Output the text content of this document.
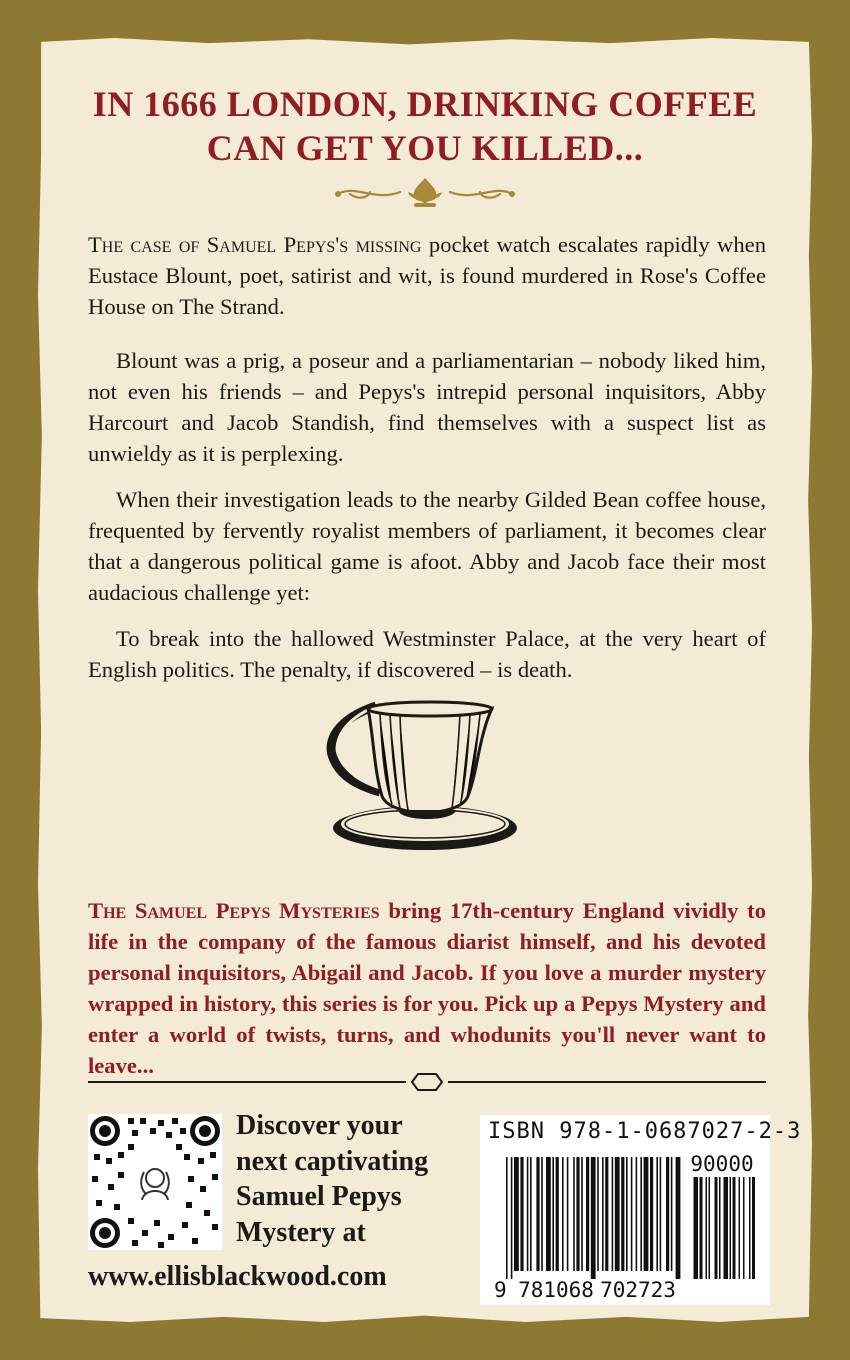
IN 1666 LONDON, DRINKING COFFEE
CAN GET YOU KILLED...

The case of Samuel Pepys's missing pocket watch escalates rapidly when Eustace Blount, poet, satirist and wit, is found murdered in Rose's Coffee House on The Strand.

Blount was a prig, a poseur and a parliamentarian – nobody liked him, not even his friends – and Pepys's intrepid personal inquisitors, Abby Harcourt and Jacob Standish, find themselves with a suspect list as unwieldy as it is perplexing.

When their investigation leads to the nearby Gilded Bean coffee house, frequented by fervently royalist members of parliament, it becomes clear that a dangerous political game is afoot. Abby and Jacob face their most audacious challenge yet:

To break into the hallowed Westminster Palace, at the very heart of English politics. The penalty, if discovered – is death.

The Samuel Pepys Mysteries bring 17th-century England vividly to life in the company of the famous diarist himself, and his devoted personal inquisitors, Abigail and Jacob. If you love a murder mystery wrapped in history, this series is for you. Pick up a Pepys Mystery and enter a world of twists, turns, and whodunits you'll never want to leave...

Discover your
next captivating
Samuel Pepys
Mystery at

www.ellisblackwood.com

ISBN 978-1-0687027-2-3
90000
9 781068 702723
